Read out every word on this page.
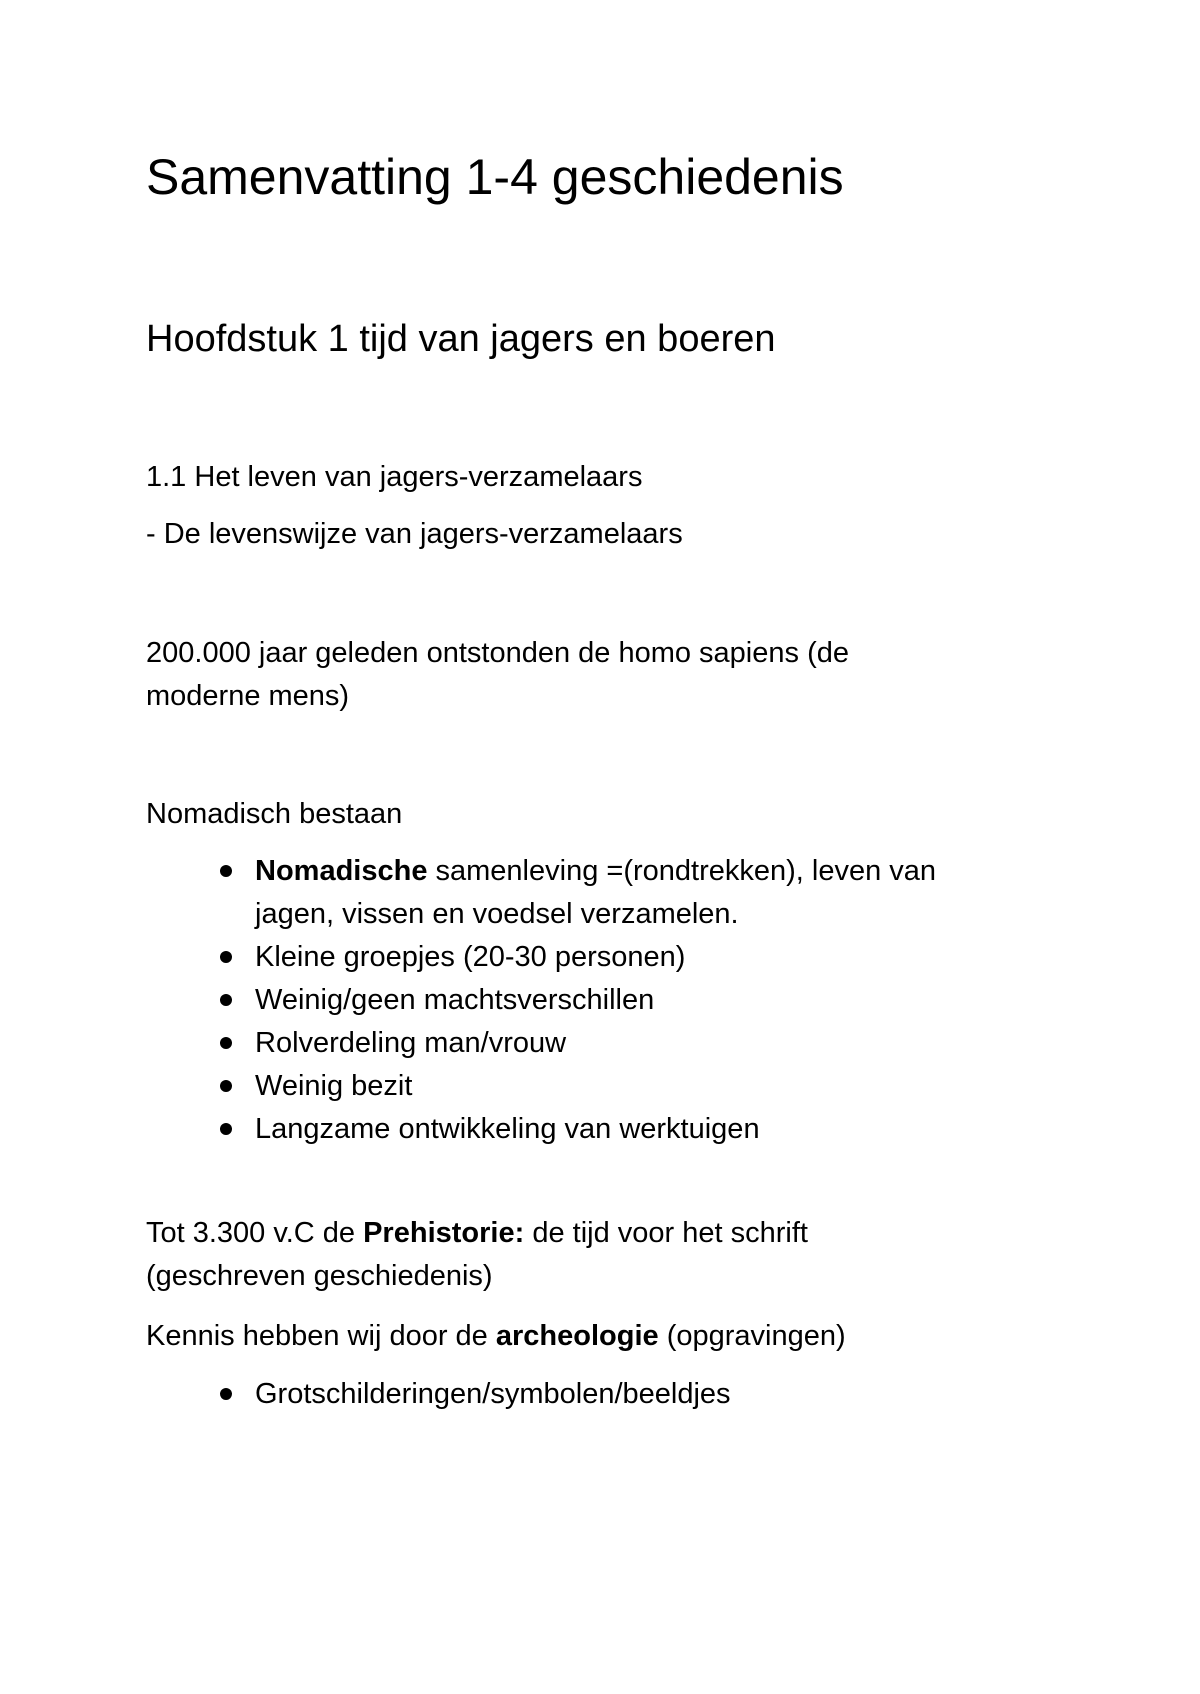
Samenvatting 1-4 geschiedenis
Hoofdstuk 1 tijd van jagers en boeren

1.1 Het leven van jagers-verzamelaars

- De levenswijze van jagers-verzamelaars

200.000 jaar geleden ontstonden de homo sapiens (de
moderne mens)

Nomadisch bestaan

Nomadische samenleving =(rondtrekken), leven van
jagen, vissen en voedsel verzamelen.
Kleine groepjes (20-30 personen)
Weinig/geen machtsverschillen
Rolverdeling man/vrouw
Weinig bezit
Langzame ontwikkeling van werktuigen
Tot 3.300 v.C de Prehistorie: de tijd voor het schrift
(geschreven geschiedenis)

Kennis hebben wij door de archeologie (opgravingen)

Grotschilderingen/symbolen/beeldjes
